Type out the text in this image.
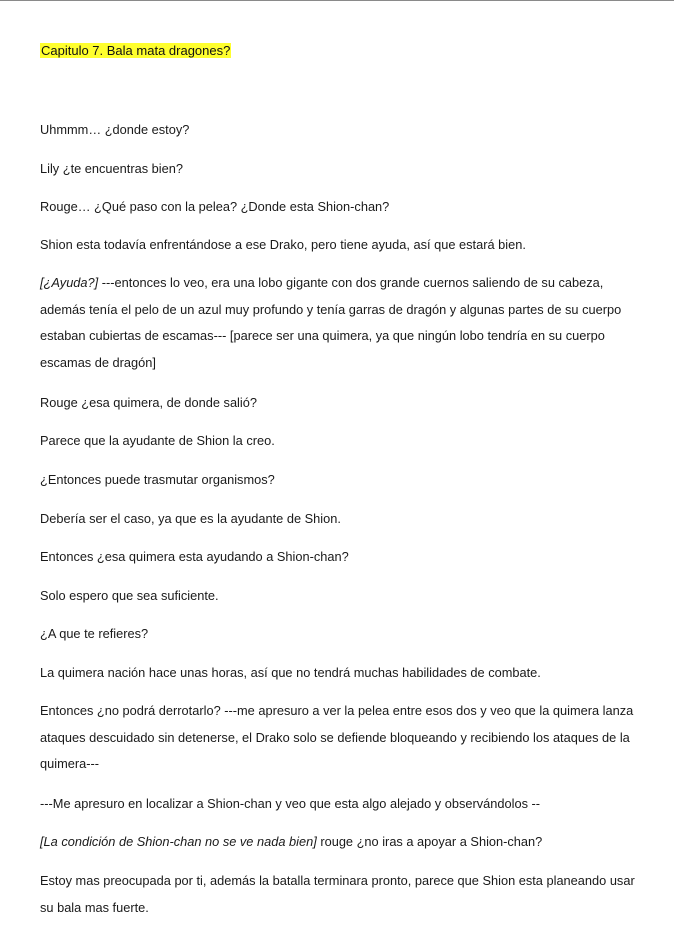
Capitulo 7. Bala mata dragones?

Uhmmm… ¿donde estoy?

Lily ¿te encuentras bien?

Rouge… ¿Qué paso con la pelea? ¿Donde esta Shion-chan?

Shion esta todavía enfrentándose a ese Drako, pero tiene ayuda, así que estará bien.

[¿Ayuda?] ---entonces lo veo, era una lobo gigante con dos grande cuernos saliendo de su cabeza, además tenía el pelo de un azul muy profundo y tenía garras de dragón y algunas partes de su cuerpo estaban cubiertas de escamas--- [parece ser una quimera, ya que ningún lobo tendría en su cuerpo escamas de dragón]

Rouge ¿esa quimera, de donde salió?

Parece que la ayudante de Shion la creo.

¿Entonces puede trasmutar organismos?

Debería ser el caso, ya que es la ayudante de Shion.

Entonces ¿esa quimera esta ayudando a Shion-chan?

Solo espero que sea suficiente.

¿A que te refieres?

La quimera nación hace unas horas, así que no tendrá muchas habilidades de combate.

Entonces ¿no podrá derrotarlo? ---me apresuro a ver la pelea entre esos dos y veo que la quimera lanza ataques descuidado sin detenerse, el Drako solo se defiende bloqueando y recibiendo los ataques de la quimera---

---Me apresuro en localizar a Shion-chan y veo que esta algo alejado y observándolos --

[La condición de Shion-chan no se ve nada bien] rouge ¿no iras a apoyar a Shion-chan?

Estoy mas preocupada por ti, además la batalla terminara pronto, parece que Shion esta planeando usar su bala mas fuerte.
